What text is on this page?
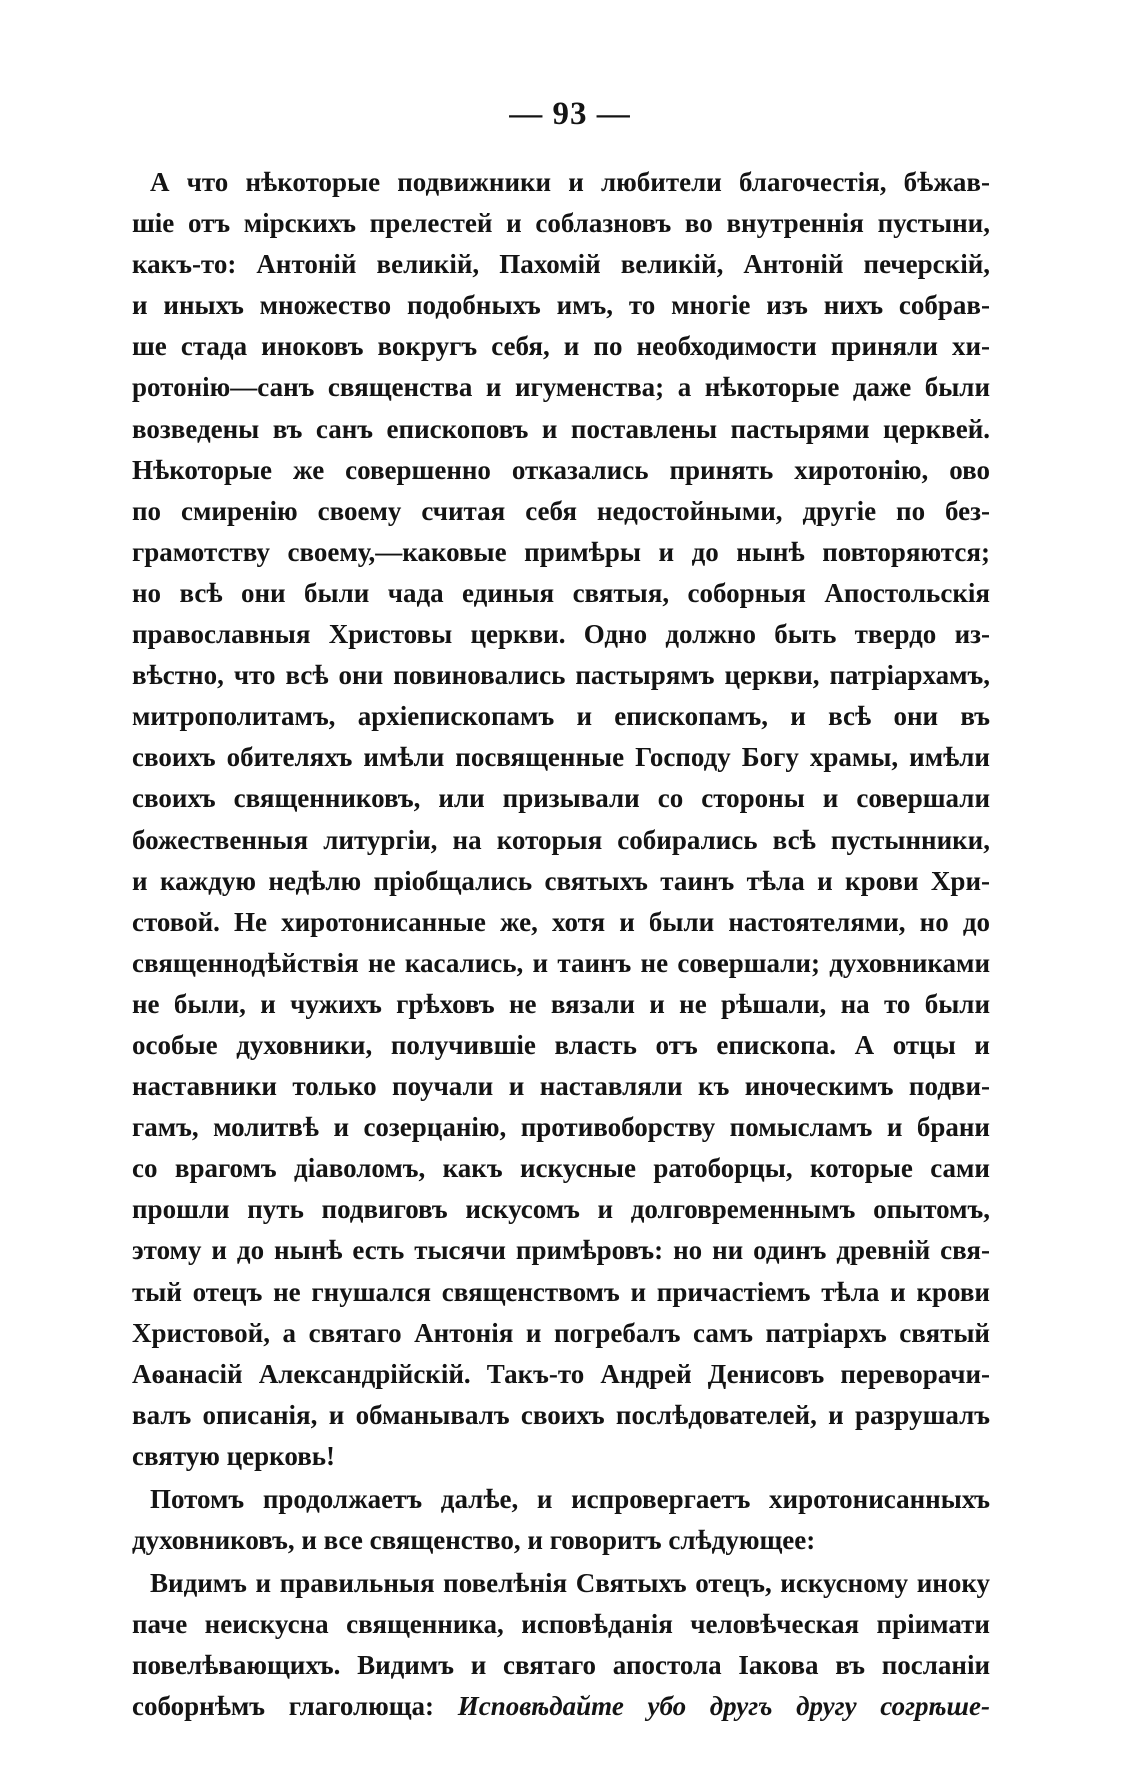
— 93 —
А что нѣкоторые подвижники и любители благочестія, бѣжав-
шіе отъ мірскихъ прелестей и соблазновъ во внутреннія пустыни,
какъ-то: Антоній великій, Пахомій великій, Антоній печерскій,
и иныхъ множество подобныхъ имъ, то многіе изъ нихъ собрав-
ше стада иноковъ вокругъ себя, и по необходимости приняли хи-
ротонію—санъ священства и игуменства; а нѣкоторые даже были
возведены въ санъ епископовъ и поставлены пастырями церквей.
Нѣкоторые же совершенно отказались принять хиротонію, ово
по смиренію своему считая себя недостойными, другіе по без-
грамотству своему,—каковые примѣры и до нынѣ повторяются;
но всѣ они были чада единыя святыя, соборныя Апостольскія
православныя Христовы церкви. Одно должно быть твердо из-
вѣстно, что всѣ они повиновались пастырямъ церкви, патріархамъ,
митрополитамъ, архіепископамъ и епископамъ, и всѣ они въ
своихъ обителяхъ имѣли посвященные Господу Богу храмы, имѣли
своихъ священниковъ, или призывали со стороны и совершали
божественныя литургіи, на которыя собирались всѣ пустынники,
и каждую недѣлю пріобщались святыхъ таинъ тѣла и крови Хри-
стовой. Не хиротонисанные же, хотя и были настоятелями, но до
священнодѣйствія не касались, и таинъ не совершали; духовниками
не были, и чужихъ грѣховъ не вязали и не рѣшали, на то были
особые духовники, получившіе власть отъ епископа. А отцы и
наставники только поучали и наставляли къ иноческимъ подви-
гамъ, молитвѣ и созерцанію, противоборству помысламъ и брани
со врагомъ діаволомъ, какъ искусные ратоборцы, которые сами
прошли путь подвиговъ искусомъ и долговременнымъ опытомъ,
этому и до нынѣ есть тысячи примѣровъ: но ни одинъ древній свя-
тый отецъ не гнушался священствомъ и причастіемъ тѣла и крови
Христовой, а святаго Антонія и погребалъ самъ патріархъ святый
Аѳанасій Александрійскій. Такъ-то Андрей Денисовъ переворачи-
валъ описанія, и обманывалъ своихъ послѣдователей, и разрушалъ
святую церковь!
Потомъ продолжаетъ далѣе, и испровергаетъ хиротонисанныхъ
духовниковъ, и все священство, и говоритъ слѣдующее:
Видимъ и правильныя повелѣнія Святыхъ отецъ, искусному иноку
паче неискусна священника, исповѣданія человѣческая пріимати
повелѣвающихъ. Видимъ и святаго апостола Іакова въ посланіи
соборнѣмъ глаголюща: Исповѣдайте убо другъ другу согрѣше-
